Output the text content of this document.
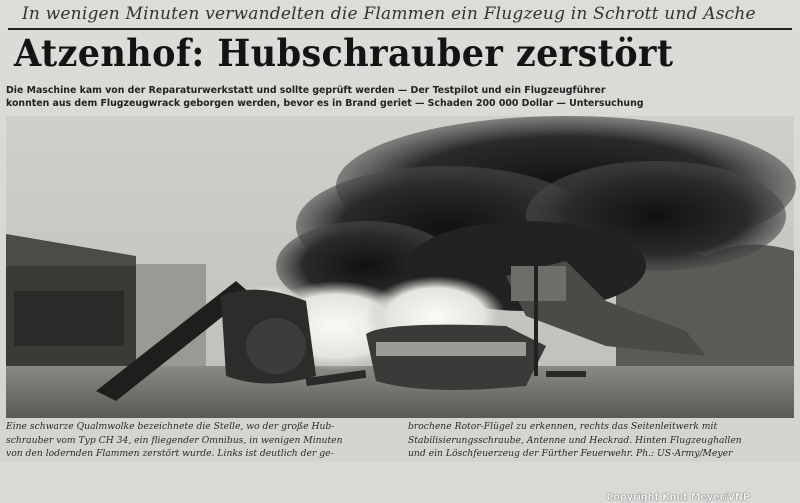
In wenigen Minuten verwandelten die Flammen ein Flugzeug in Schrott und Asche
Atzenhof: Hubschrauber zerstört
Die Maschine kam von der Reparaturwerkstatt und sollte geprüft werden — Der Testpilot und ein Flugzeugführer
konnten aus dem Flugzeugwrack geborgen werden, bevor es in Brand geriet — Schaden 200 000 Dollar — Untersuchung
Copyright Knut Meyer/VNP
Eine schwarze Qualmwolke bezeichnete die Stelle, wo der große Hub-
schrauber vom Typ CH 34, ein fliegender Omnibus, in wenigen Minuten
von den lodernden Flammen zerstört wurde. Links ist deutlich der ge-
brochene Rotor-Flügel zu erkennen, rechts das Seitenleitwerk mit
Stabilisierungsschraube, Antenne und Heckrad. Hinten Flugzeughallen
und ein Löschfeuerzeug der Fürther Feuerwehr. Ph.: US-Army/Meyer
